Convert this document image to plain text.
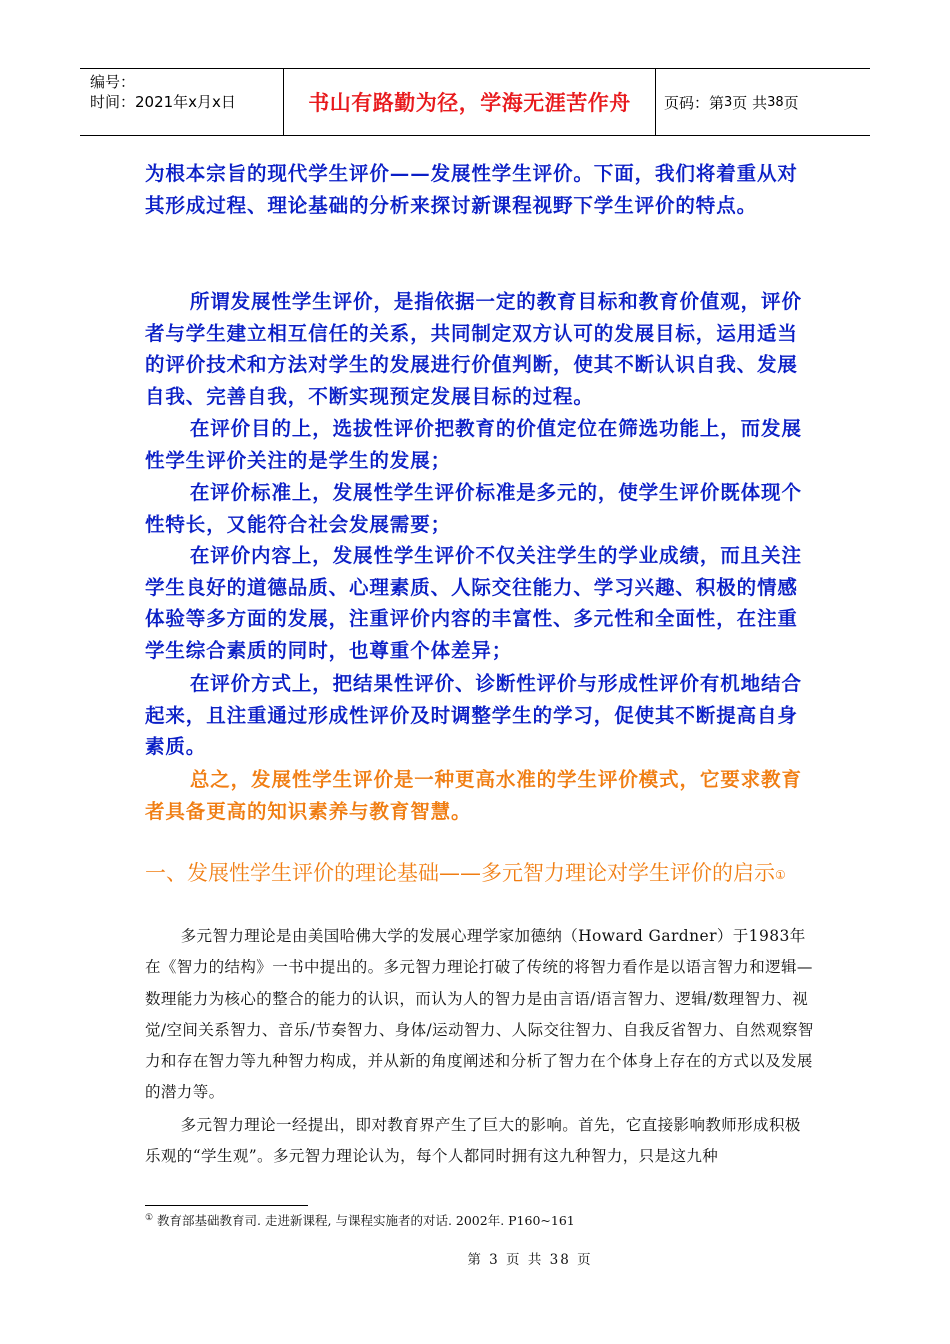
编号：
时间：2021年x月x日	书山有路勤为径，学海无涯苦作舟	页码：第 3 页 共 38 页
为根本宗旨的现代学生评价——发展性学生评价。下面，我们将着重从对其形成过程、理论基础的分析来探讨新课程视野下学生评价的特点。
所谓发展性学生评价，是指依据一定的教育目标和教育价值观，评价者与学生建立相互信任的关系，共同制定双方认可的发展目标，运用适当的评价技术和方法对学生的发展进行价值判断，使其不断认识自我、发展自我、完善自我，不断实现预定发展目标的过程。
在评价目的上，选拔性评价把教育的价值定位在筛选功能上，而发展性学生评价关注的是学生的发展；
在评价标准上，发展性学生评价标准是多元的，使学生评价既体现个性特长，又能符合社会发展需要；
在评价内容上，发展性学生评价不仅关注学生的学业成绩，而且关注学生良好的道德品质、心理素质、人际交往能力、学习兴趣、积极的情感体验等多方面的发展，注重评价内容的丰富性、多元性和全面性，在注重学生综合素质的同时，也尊重个体差异；
在评价方式上，把结果性评价、诊断性评价与形成性评价有机地结合起来，且注重通过形成性评价及时调整学生的学习，促使其不断提高自身素质。
总之，发展性学生评价是一种更高水准的学生评价模式，它要求教育者具备更高的知识素养与教育智慧。
一、发展性学生评价的理论基础——多元智力理论对学生评价的启示①
多元智力理论是由美国哈佛大学的发展心理学家加德纳（Howard Gardner）于1983年在《智力的结构》一书中提出的。多元智力理论打破了传统的将智力看作是以语言智力和逻辑—数理能力为核心的整合的能力的认识，而认为人的智力是由言语/语言智力、逻辑/数理智力、视觉/空间关系智力、音乐/节奏智力、身体/运动智力、人际交往智力、自我反省智力、自然观察智力和存在智力等九种智力构成，并从新的角度阐述和分析了智力在个体身上存在的方式以及发展的潜力等。
多元智力理论一经提出，即对教育界产生了巨大的影响。首先，它直接影响教师形成积极乐观的“学生观”。多元智力理论认为，每个人都同时拥有这九种智力，只是这九种
① 教育部基础教育司. 走进新课程, 与课程实施者的对话. 2002年. P160~161
第 3 页 共 38 页
